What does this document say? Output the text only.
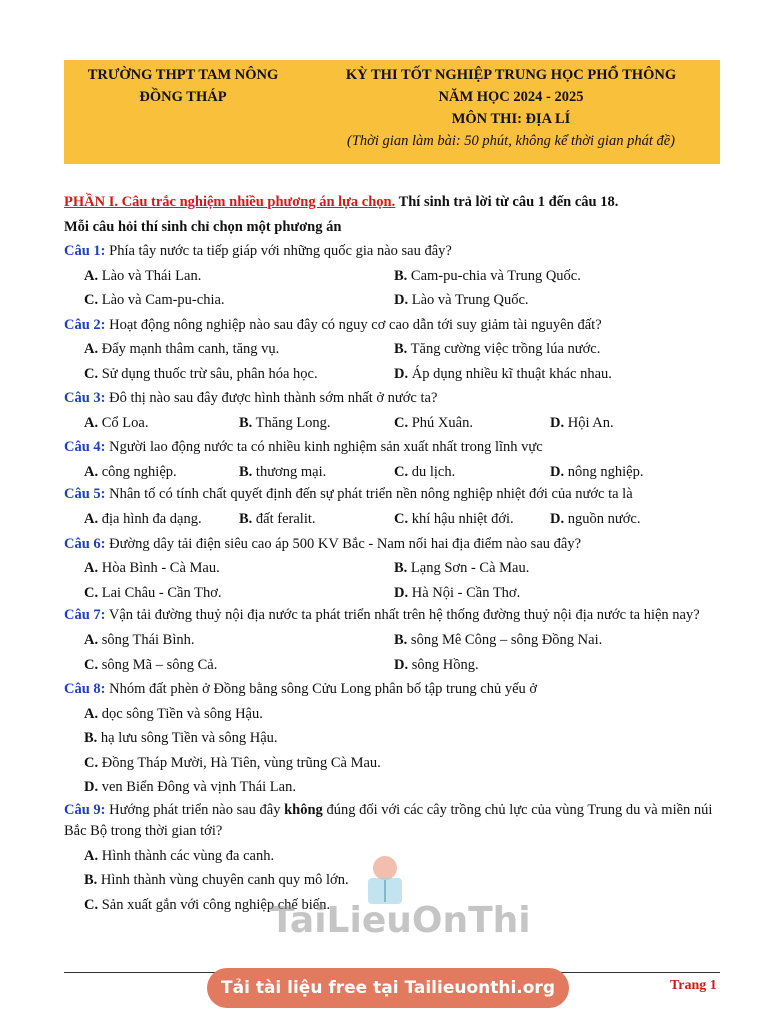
TRƯỜNG THPT TAM NÔNG
ĐỒNG THÁP
KỲ THI TỐT NGHIỆP TRUNG HỌC PHỔ THÔNG
NĂM HỌC 2024 - 2025
MÔN THI: ĐỊA LÍ
(Thời gian làm bài: 50 phút, không kể thời gian phát đề)
PHẦN I. Câu trắc nghiệm nhiều phương án lựa chọn. Thí sinh trả lời từ câu 1 đến câu 18.
Mỗi câu hỏi thí sinh chỉ chọn một phương án
Câu 1: Phía tây nước ta tiếp giáp với những quốc gia nào sau đây?
A. Lào và Thái Lan.	B. Cam-pu-chia và Trung Quốc.
C. Lào và Cam-pu-chia.	D. Lào và Trung Quốc.
Câu 2: Hoạt động nông nghiệp nào sau đây có nguy cơ cao dẫn tới suy giảm tài nguyên đất?
A. Đẩy mạnh thâm canh, tăng vụ.	B. Tăng cường việc trồng lúa nước.
C. Sử dụng thuốc trừ sâu, phân hóa học.	D. Áp dụng nhiều kĩ thuật khác nhau.
Câu 3: Đô thị nào sau đây được hình thành sớm nhất ở nước ta?
A. Cổ Loa.	B. Thăng Long.	C. Phú Xuân.	D. Hội An.
Câu 4: Người lao động nước ta có nhiều kinh nghiệm sản xuất nhất trong lĩnh vực
A. công nghiệp.	B. thương mại.	C. du lịch.	D. nông nghiệp.
Câu 5: Nhân tố có tính chất quyết định đến sự phát triển nền nông nghiệp nhiệt đới của nước ta là
A. địa hình đa dạng.	B. đất feralit.	C. khí hậu nhiệt đới.	D. nguồn nước.
Câu 6: Đường dây tải điện siêu cao áp 500 KV Bắc - Nam nối hai địa điểm nào sau đây?
A. Hòa Bình - Cà Mau.	B. Lạng Sơn - Cà Mau.
C. Lai Châu - Cần Thơ.	D. Hà Nội - Cần Thơ.
Câu 7: Vận tải đường thuỷ nội địa nước ta phát triển nhất trên hệ thống đường thuỷ nội địa nước ta hiện nay?
A. sông Thái Bình.	B. sông Mê Công – sông Đồng Nai.
C. sông Mã – sông Cả.	D. sông Hồng.
Câu 8: Nhóm đất phèn ở Đồng bằng sông Cửu Long phân bố tập trung chủ yếu ở
A. dọc sông Tiền và sông Hậu.
B. hạ lưu sông Tiền và sông Hậu.
C. Đồng Tháp Mười, Hà Tiên, vùng trũng Cà Mau.
D. ven Biển Đông và vịnh Thái Lan.
Câu 9: Hướng phát triển nào sau đây không đúng đối với các cây trồng chủ lực của vùng Trung du và miền núi Bắc Bộ trong thời gian tới?
A. Hình thành các vùng đa canh.
B. Hình thành vùng chuyên canh quy mô lớn.
C. Sản xuất gắn với công nghiệp chế biến.
TaiLieuOnThi
Tải tài liệu free tại Tailieuonthi.org	Trang 1
